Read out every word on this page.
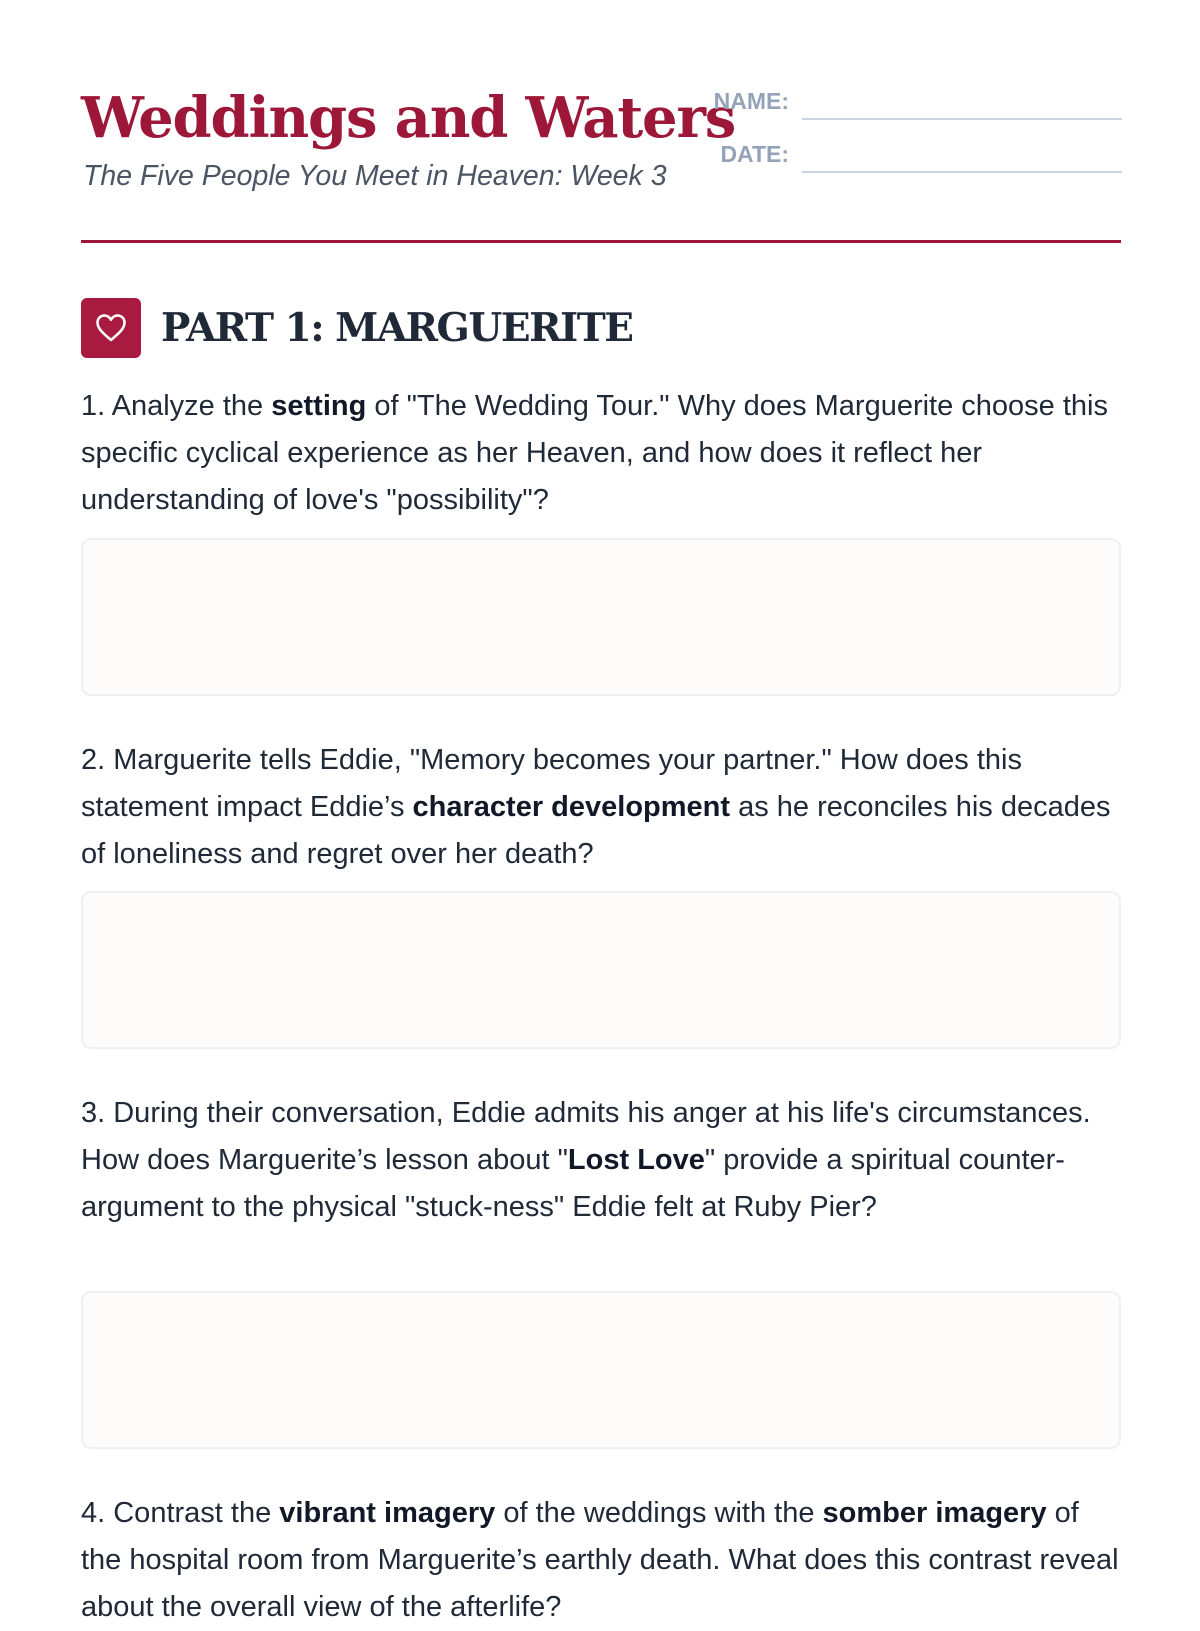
Weddings and Waters

The Five People You Meet in Heaven: Week 3

NAME:
DATE:
PART 1: MARGUERITE

1. Analyze the setting of "The Wedding Tour." Why does Marguerite choose this specific cyclical experience as her Heaven, and how does it reflect her understanding of love's "possibility"?

2. Marguerite tells Eddie, "Memory becomes your partner." How does this statement impact Eddie’s character development as he reconciles his decades of loneliness and regret over her death?

3. During their conversation, Eddie admits his anger at his life's circumstances. How does Marguerite’s lesson about "Lost Love" provide a spiritual counter-argument to the physical "stuck-ness" Eddie felt at Ruby Pier?

4. Contrast the vibrant imagery of the weddings with the somber imagery of the hospital room from Marguerite’s earthly death. What does this contrast reveal about the overall view of the afterlife?
